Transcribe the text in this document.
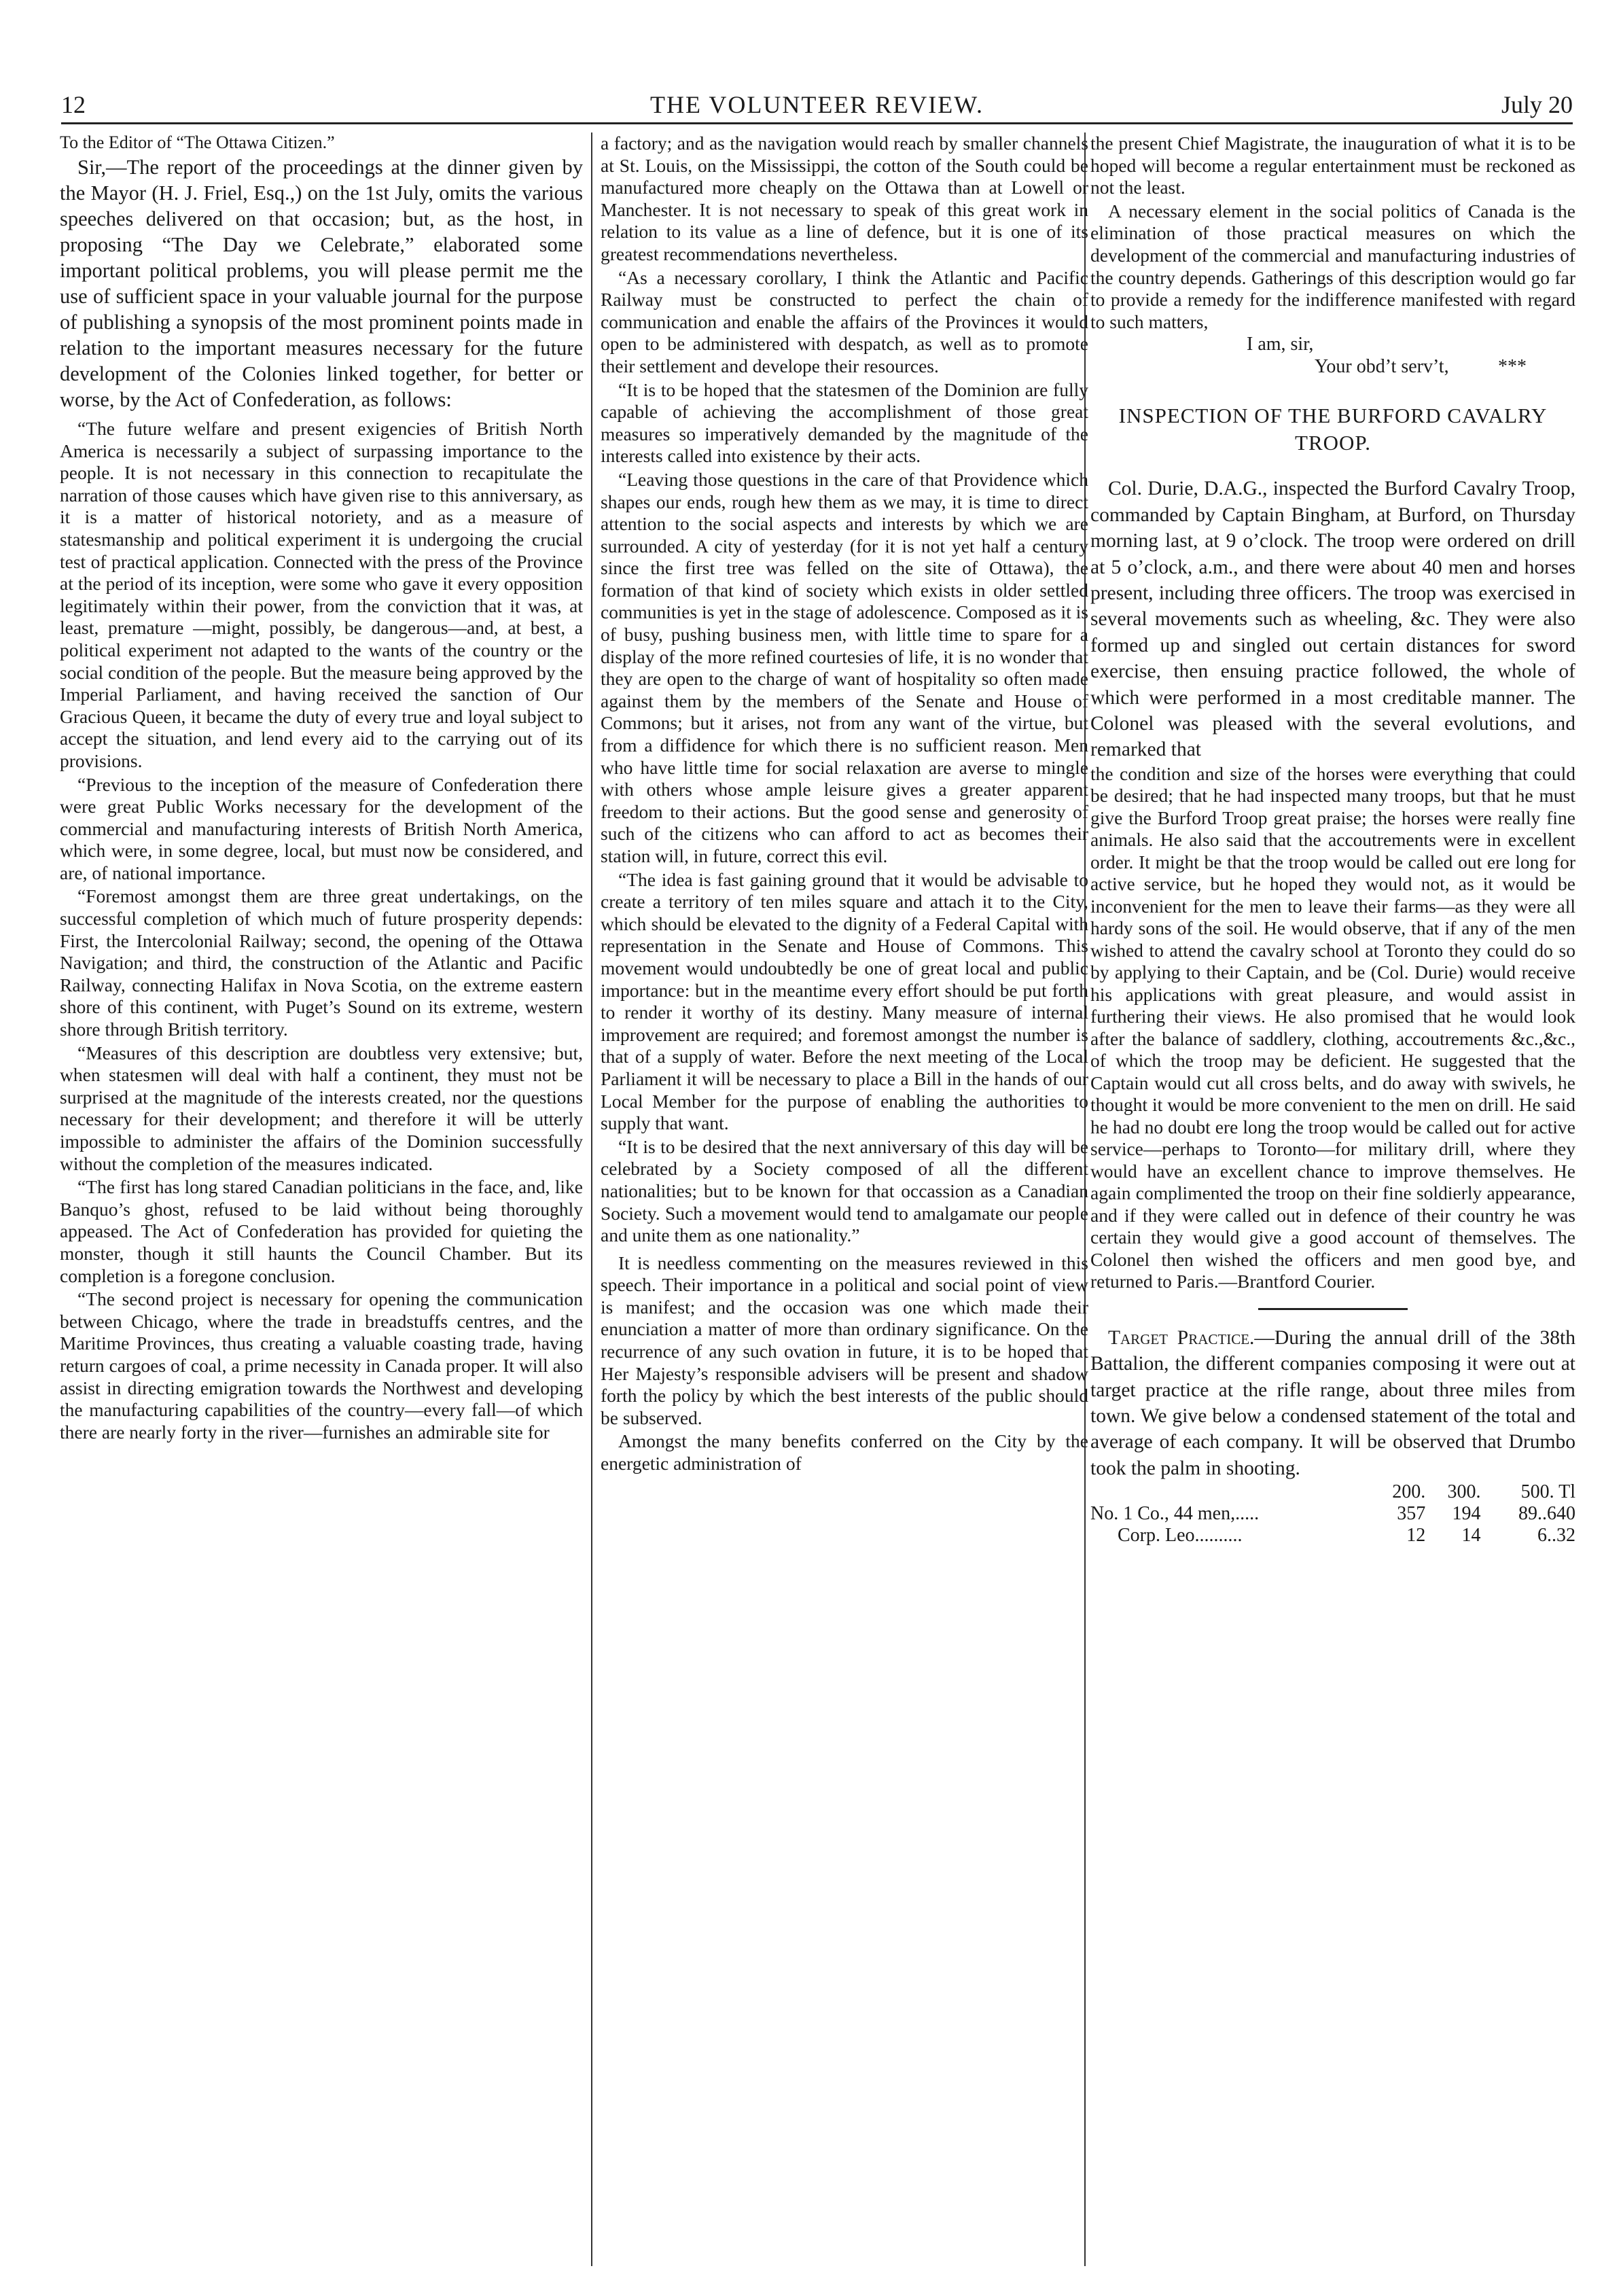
12	THE VOLUNTEER REVIEW.	July 20

To the Editor of “The Ottawa Citizen.”

Sir,—The report of the proceedings at the dinner given by the Mayor (H. J. Friel, Esq.,) on the 1st July, omits the various speeches delivered on that occasion; but, as the host, in proposing “The Day we Celebrate,” elaborated some important political problems, you will please permit me the use of sufficient space in your valuable journal for the purpose of publishing a synopsis of the most prominent points made in relation to the important measures necessary for the future development of the Colonies linked together, for better or worse, by the Act of Confederation, as follows:

“The future welfare and present exigencies of British North America is necessarily a subject of surpassing importance to the people. It is not necessary in this connection to recapitulate the narration of those causes which have given rise to this anniversary, as it is a matter of historical notoriety, and as a measure of statesmanship and political experiment it is undergoing the crucial test of practical application. Connected with the press of the Province at the period of its inception, were some who gave it every opposition legitimately within their power, from the conviction that it was, at least, premature —might, possibly, be dangerous—and, at best, a political experiment not adapted to the wants of the country or the social condition of the people. But the measure being approved by the Imperial Parliament, and having received the sanction of Our Gracious Queen, it became the duty of every true and loyal subject to accept the situation, and lend every aid to the carrying out of its provisions.

“Previous to the inception of the measure of Confederation there were great Public Works necessary for the development of the commercial and manufacturing interests of British North America, which were, in some degree, local, but must now be considered, and are, of national importance.

“Foremost amongst them are three great undertakings, on the successful completion of which much of future prosperity depends: First, the Intercolonial Railway; second, the opening of the Ottawa Navigation; and third, the construction of the Atlantic and Pacific Railway, connecting Halifax in Nova Scotia, on the extreme eastern shore of this continent, with Puget’s Sound on its extreme, western shore through British territory.

“Measures of this description are doubtless very extensive; but, when statesmen will deal with half a continent, they must not be surprised at the magnitude of the interests created, nor the questions necessary for their development; and therefore it will be utterly impossible to administer the affairs of the Dominion successfully without the completion of the measures indicated.

“The first has long stared Canadian politicians in the face, and, like Banquo’s ghost, refused to be laid without being thoroughly appeased. The Act of Confederation has provided for quieting the monster, though it still haunts the Council Chamber. But its completion is a foregone conclusion.

“The second project is necessary for opening the communication between Chicago, where the trade in breadstuffs centres, and the Maritime Provinces, thus creating a valuable coasting trade, having return cargoes of coal, a prime necessity in Canada proper. It will also assist in directing emigration towards the Northwest and developing the manufacturing capabilities of the country—every fall—of which there are nearly forty in the river—furnishes an admirable site for

a factory; and as the navigation would reach by smaller channels at St. Louis, on the Mississippi, the cotton of the South could be manufactured more cheaply on the Ottawa than at Lowell or Manchester. It is not necessary to speak of this great work in relation to its value as a line of defence, but it is one of its greatest recommendations nevertheless.

“As a necessary corollary, I think the Atlantic and Pacific Railway must be constructed to perfect the chain of communication and enable the affairs of the Provinces it would open to be administered with despatch, as well as to promote their settlement and develope their resources.

“It is to be hoped that the statesmen of the Dominion are fully capable of achieving the accomplishment of those great measures so imperatively demanded by the magnitude of the interests called into existence by their acts.

“Leaving those questions in the care of that Providence which shapes our ends, rough hew them as we may, it is time to direct attention to the social aspects and interests by which we are surrounded. A city of yesterday (for it is not yet half a century since the first tree was felled on the site of Ottawa), the formation of that kind of society which exists in older settled communities is yet in the stage of adolescence. Composed as it is of busy, pushing business men, with little time to spare for a display of the more refined courtesies of life, it is no wonder that they are open to the charge of want of hospitality so often made against them by the members of the Senate and House of Commons; but it arises, not from any want of the virtue, but from a diffidence for which there is no sufficient reason. Men who have little time for social relaxation are averse to mingle with others whose ample leisure gives a greater apparent freedom to their actions. But the good sense and generosity of such of the citizens who can afford to act as becomes their station will, in future, correct this evil.

“The idea is fast gaining ground that it would be advisable to create a territory of ten miles square and attach it to the City, which should be elevated to the dignity of a Federal Capital with representation in the Senate and House of Commons. This movement would undoubtedly be one of great local and public importance: but in the meantime every effort should be put forth to render it worthy of its destiny. Many measure of internal improvement are required; and foremost amongst the number is that of a supply of water. Before the next meeting of the Local Parliament it will be necessary to place a Bill in the hands of our Local Member for the purpose of enabling the authorities to supply that want.

“It is to be desired that the next anniversary of this day will be celebrated by a Society composed of all the different nationalities; but to be known for that occassion as a Canadian Society. Such a movement would tend to amalgamate our people and unite them as one nationality.”

It is needless commenting on the measures reviewed in this speech. Their importance in a political and social point of view is manifest; and the occasion was one which made their enunciation a matter of more than ordinary significance. On the recurrence of any such ovation in future, it is to be hoped that Her Majesty’s responsible advisers will be present and shadow forth the policy by which the best interests of the public should be subserved.

Amongst the many benefits conferred on the City by the energetic administration of

the present Chief Magistrate, the inauguration of what it is to be hoped will become a regular entertainment must be reckoned as not the least.

A necessary element in the social politics of Canada is the elimination of those practical measures on which the development of the commercial and manufacturing industries of the country depends. Gatherings of this description would go far to provide a remedy for the indifference manifested with regard to such matters,

I am, sir,
Your obd’t serv’t,	***
INSPECTION OF THE BURFORD CAVALRY TROOP.

Col. Durie, D.A.G., inspected the Burford Cavalry Troop, commanded by Captain Bingham, at Burford, on Thursday morning last, at 9 o’clock. The troop were ordered on drill at 5 o’clock, a.m., and there were about 40 men and horses present, including three officers. The troop was exercised in several movements such as wheeling, &c. They were also formed up and singled out certain distances for sword exercise, then ensuing practice followed, the whole of which were performed in a most creditable manner. The Colonel was pleased with the several evolutions, and remarked that

the condition and size of the horses were everything that could be desired; that he had inspected many troops, but that he must give the Burford Troop great praise; the horses were really fine animals. He also said that the accoutrements were in excellent order. It might be that the troop would be called out ere long for active service, but he hoped they would not, as it would be inconvenient for the men to leave their farms—as they were all hardy sons of the soil. He would observe, that if any of the men wished to attend the cavalry school at Toronto they could do so by applying to their Captain, and be (Col. Durie) would receive his applications with great pleasure, and would assist in furthering their views. He also promised that he would look after the balance of saddlery, clothing, accoutrements &c.,&c., of which the troop may be deficient. He suggested that the Captain would cut all cross belts, and do away with swivels, he thought it would be more convenient to the men on drill. He said he had no doubt ere long the troop would be called out for active service—perhaps to Toronto—for military drill, where they would have an excellent chance to improve themselves. He again complimented the troop on their fine soldierly appearance, and if they were called out in defence of their country he was certain they would give a good account of themselves. The Colonel then wished the officers and men good bye, and returned to Paris.—Brantford Courier.

Target Practice.—During the annual drill of the 38th Battalion, the different companies composing it were out at target practice at the rifle range, about three miles from town. We give below a condensed statement of the total and average of each company. It will be observed that Drumbo took the palm in shooting.

	200.	300.	500. Tl
No. 1 Co., 44 men,.....	357	194	89..640
Corp. Leo..........	12	14	6..32
